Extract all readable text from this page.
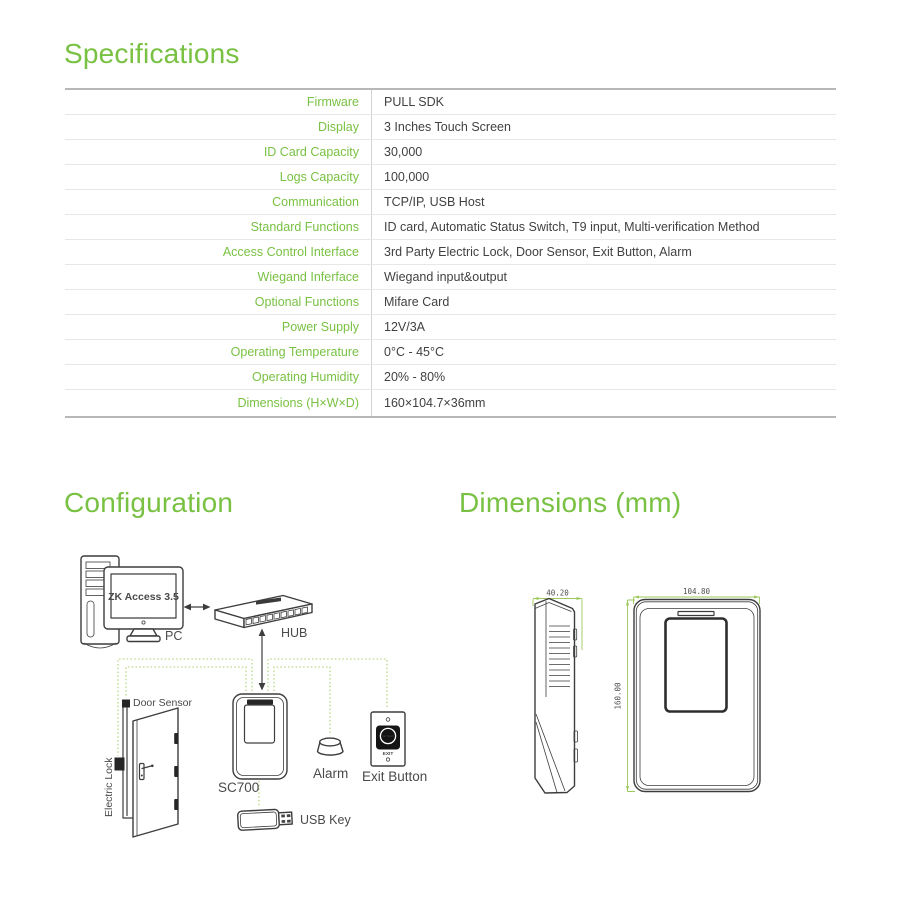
Specifications
Firmware	PULL SDK
Display	3 Inches Touch Screen
ID Card Capacity	30,000
Logs Capacity	100,000
Communication	TCP/IP, USB Host
Standard Functions	ID card, Automatic Status Switch, T9 input, Multi-verification Method
Access Control Interface	3rd Party Electric Lock, Door Sensor, Exit Button, Alarm
Wiegand Inferface	Wiegand input&output
Optional Functions	Mifare Card
Power Supply	12V/3A
Operating Temperature	0°C - 45°C
Operating Humidity	20% - 80%
Dimensions (H×W×D)	160×104.7×36mm
Configuration	Dimensions (mm)
ZK Access 3.5
PC	HUB
Door Sensor
Electric Lock	SC700
Alarm
No Touch
EXIT
Exit Button
USB Key
40.20	104.80
160.00
